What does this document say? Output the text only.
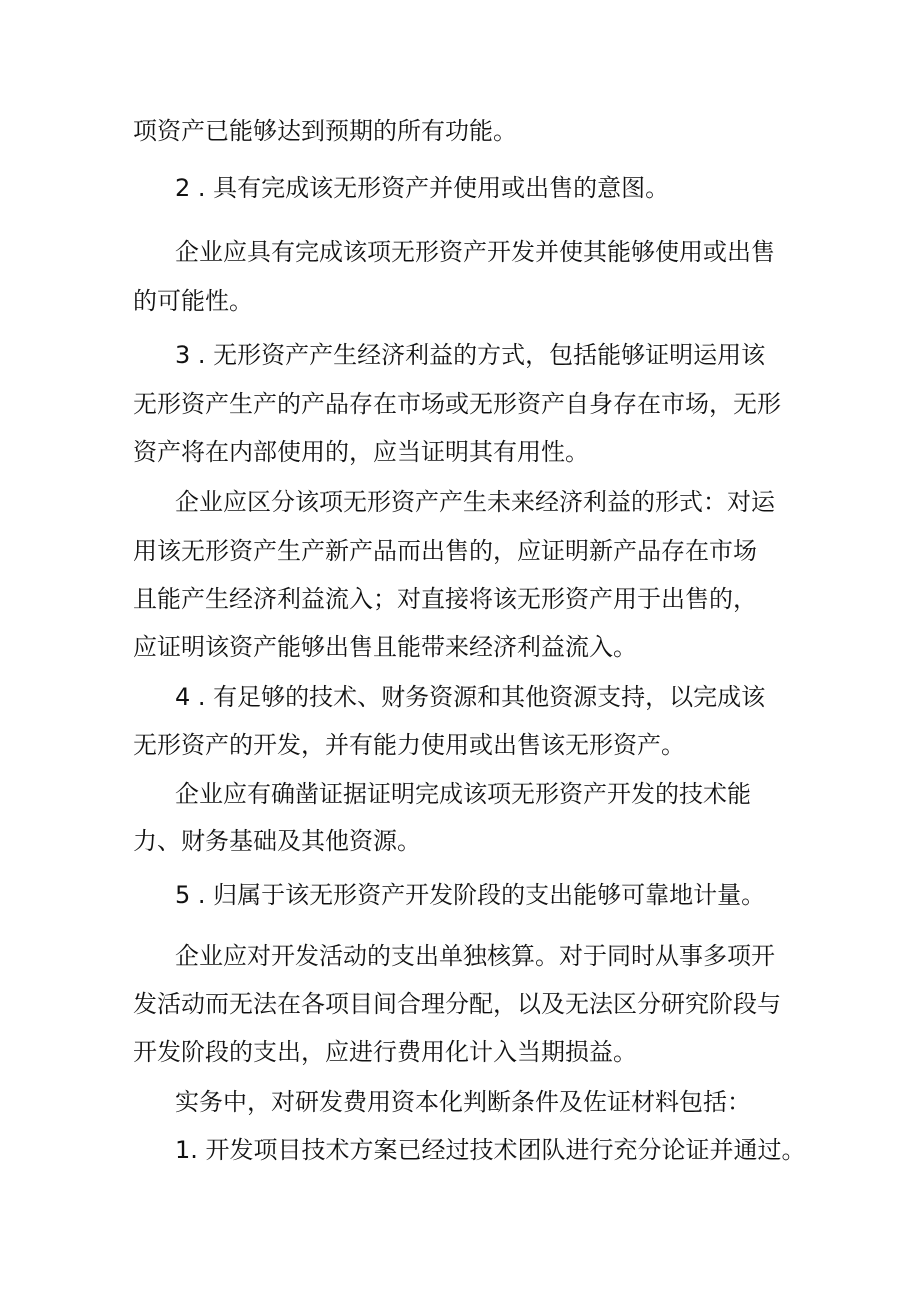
项资产已能够达到预期的所有功能。

2 . 具有完成该无形资产并使用或出售的意图。

企业应具有完成该项无形资产开发并使其能够使用或出售

的可能性。

3 . 无形资产产生经济利益的方式，包括能够证明运用该

无形资产生产的产品存在市场或无形资产自身存在市场，无形

资产将在内部使用的，应当证明其有用性。

企业应区分该项无形资产产生未来经济利益的形式：对运

用该无形资产生产新产品而出售的，应证明新产品存在市场

且能产生经济利益流入；对直接将该无形资产用于出售的，

应证明该资产能够出售且能带来经济利益流入。

4 . 有足够的技术、财务资源和其他资源支持，以完成该

无形资产的开发，并有能力使用或出售该无形资产。

企业应有确凿证据证明完成该项无形资产开发的技术能

力、财务基础及其他资源。

5 . 归属于该无形资产开发阶段的支出能够可靠地计量。

企业应对开发活动的支出单独核算。对于同时从事多项开

发活动而无法在各项目间合理分配，以及无法区分研究阶段与

开发阶段的支出，应进行费用化计入当期损益。

实务中，对研发费用资本化判断条件及佐证材料包括：

1. 开发项目技术方案已经过技术团队进行充分论证并通过。
